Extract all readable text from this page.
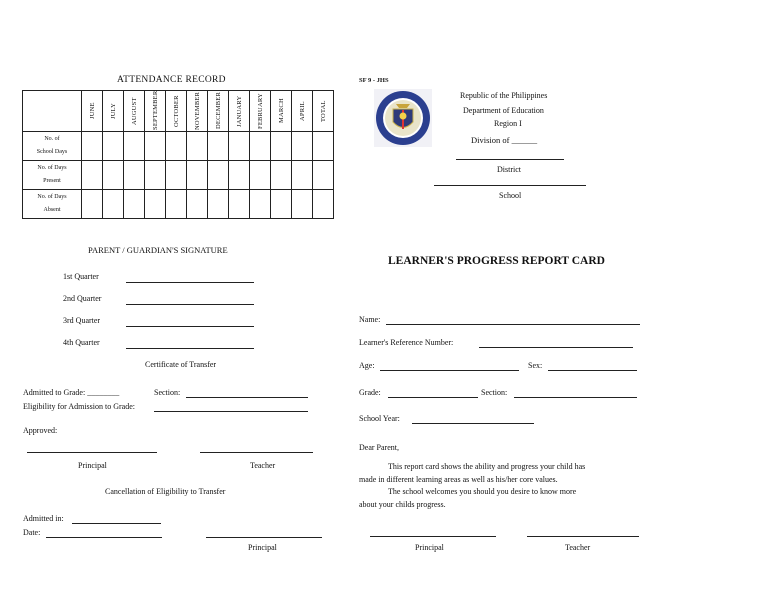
ATTENDANCE RECORD

	JUNE	JULY	AUGUST	SEPTEMBER	OCTOBER	NOVEMBER	DECEMBER	JANUARY	FEBRUARY	MARCH	APRIL	TOTAL

No. of
School Days												
No. of Days
Present												
No. of Days
Absent												
PARENT / GUARDIAN'S SIGNATURE
1st Quarter
2nd Quarter
3rd Quarter
4th Quarter
Certificate of Transfer
Admitted to Grade: ________	Section:
Eligibility for Admission to Grade:
Approved:
Principal	Teacher
Cancellation of Eligibility to Transfer
Admitted in:
Date:
Principal
SF 9 - JHS
Republic of the Philippines
Department of Education
Region I
Division of ______
District
School
LEARNER'S PROGRESS REPORT CARD
Name:
Learner's Reference Number:
Age:	Sex:
Grade:	Section:
School Year:
Dear Parent,
This report card shows the ability and progress your child has
made in different learning areas as well as his/her core values.
The school welcomes you should you desire to know more
about your childs progress.
Principal	Teacher
